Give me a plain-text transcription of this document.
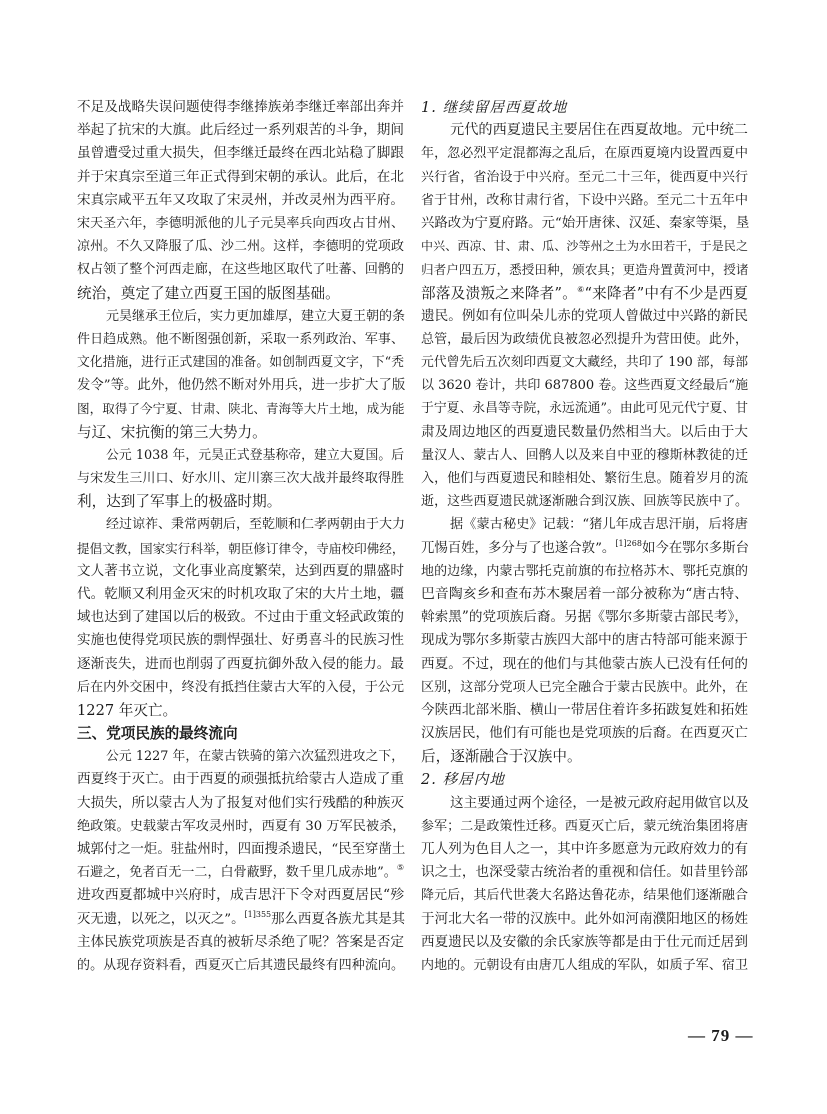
不足及战略失误问题使得李继捧族弟李继迁率部出奔并
举起了抗宋的大旗。此后经过一系列艰苦的斗争，期间
虽曾遭受过重大损失，但李继迁最终在西北站稳了脚跟
并于宋真宗至道三年正式得到宋朝的承认。此后，在北
宋真宗咸平五年又攻取了宋灵州，并改灵州为西平府。
宋天圣六年，李德明派他的儿子元昊率兵向西攻占甘州、
凉州。不久又降服了瓜、沙二州。这样，李德明的党项政
权占领了整个河西走廊，在这些地区取代了吐蕃、回鹘的
统治，奠定了建立西夏王国的版图基础。
元昊继承王位后，实力更加雄厚，建立大夏王朝的条
件日趋成熟。他不断图强创新，采取一系列政治、军事、
文化措施，进行正式建国的准备。如创制西夏文字，下“秃
发令”等。此外，他仍然不断对外用兵，进一步扩大了版
图，取得了今宁夏、甘肃、陕北、青海等大片土地，成为能
与辽、宋抗衡的第三大势力。
公元 1038 年，元昊正式登基称帝，建立大夏国。后
与宋发生三川口、好水川、定川寨三次大战并最终取得胜
利，达到了军事上的极盛时期。
经过谅祚、秉常两朝后，至乾顺和仁孝两朝由于大力
提倡文教，国家实行科举，朝臣修订律令，寺庙校印佛经，
文人著书立说，文化事业高度繁荣，达到西夏的鼎盛时
代。乾顺又利用金灭宋的时机攻取了宋的大片土地，疆
域也达到了建国以后的极致。不过由于重文轻武政策的
实施也使得党项民族的剽悍强壮、好勇喜斗的民族习性
逐渐丧失，进而也削弱了西夏抗御外敌入侵的能力。最
后在内外交困中，终没有抵挡住蒙古大军的入侵，于公元
1227 年灭亡。
三、党项民族的最终流向
公元 1227 年，在蒙古铁骑的第六次猛烈进攻之下，
西夏终于灭亡。由于西夏的顽强抵抗给蒙古人造成了重
大损失，所以蒙古人为了报复对他们实行残酷的种族灭
绝政策。史载蒙古军攻灵州时，西夏有 30 万军民被杀，
城郭付之一炬。驻盐州时，四面搜杀遗民，“民至穿凿土
石避之，免者百无一二，白骨蔽野，数千里几成赤地”。⑤
进攻西夏都城中兴府时，成吉思汗下令对西夏居民“殄
灭无遗，以死之，以灭之”。$^{[1]355}$那么西夏各族尤其是其
主体民族党项族是否真的被斩尽杀绝了呢？答案是否定
的。从现存资料看，西夏灭亡后其遗民最终有四种流向。
1. 继续留居西夏故地
元代的西夏遗民主要居住在西夏故地。元中统二
年，忽必烈平定混都海之乱后，在原西夏境内设置西夏中
兴行省，省治设于中兴府。至元二十三年，徙西夏中兴行
省于甘州，改称甘肃行省，下设中兴路。至元二十五年中
兴路改为宁夏府路。元“始开唐徕、汉延、秦家等渠，垦
中兴、西凉、甘、肃、瓜、沙等州之土为水田若干，于是民之
归者户四五万，悉授田种，颁农具；更造舟置黄河中，授诸
部落及溃叛之来降者”。⑥“来降者”中有不少是西夏
遗民。例如有位叫朵儿赤的党项人曾做过中兴路的新民
总管，最后因为政绩优良被忽必烈提升为营田使。此外，
元代曾先后五次刻印西夏文大藏经，共印了 190 部，每部
以 3620 卷计，共印 687800 卷。这些西夏文经最后“施
于宁夏、永昌等寺院，永远流通”。由此可见元代宁夏、甘
肃及周边地区的西夏遗民数量仍然相当大。以后由于大
量汉人、蒙古人、回鹘人以及来自中亚的穆斯林教徒的迁
入，他们与西夏遗民和睦相处、繁衍生息。随着岁月的流
逝，这些西夏遗民就逐渐融合到汉族、回族等民族中了。
据《蒙古秘史》记载：“猪儿年成吉思汗崩，后将唐
兀惕百姓，多分与了也遂合敦”。$^{[1]268}$如今在鄂尔多斯台
地的边缘，内蒙古鄂托克前旗的布拉格苏木、鄂托克旗的
巴音陶亥乡和查布苏木聚居着一部分被称为“唐古特、
斡索黑”的党项族后裔。另据《鄂尔多斯蒙古部民考》，
现成为鄂尔多斯蒙古族四大部中的唐古特部可能来源于
西夏。不过，现在的他们与其他蒙古族人已没有任何的
区别，这部分党项人已完全融合于蒙古民族中。此外，在
今陕西北部米脂、横山一带居住着许多拓跋复姓和拓姓
汉族居民，他们有可能也是党项族的后裔。在西夏灭亡
后，逐渐融合于汉族中。
2. 移居内地
这主要通过两个途径，一是被元政府起用做官以及
参军；二是政策性迁移。西夏灭亡后，蒙元统治集团将唐
兀人列为色目人之一，其中许多愿意为元政府效力的有
识之士，也深受蒙古统治者的重视和信任。如昔里钤部
降元后，其后代世袭大名路达鲁花赤，结果他们逐渐融合
于河北大名一带的汉族中。此外如河南濮阳地区的杨姓
西夏遗民以及安徽的余氏家族等都是由于仕元而迁居到
内地的。元朝设有由唐兀人组成的军队，如质子军、宿卫
— 79 —
